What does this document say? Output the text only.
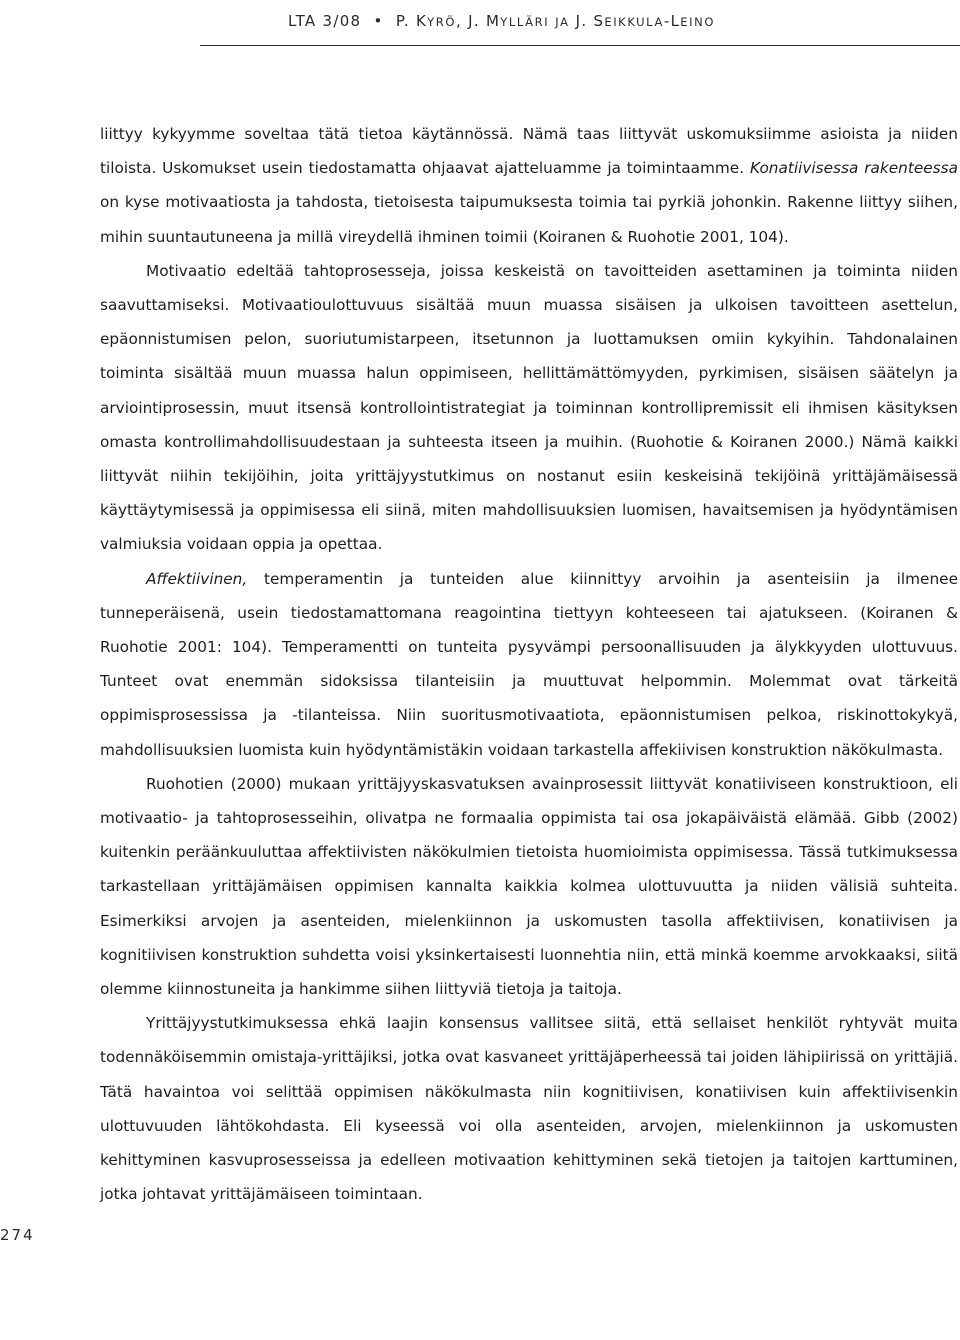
LTA 3/08 • P. KYRÖ, J. MYLLÄRI JA J. SEIKKULA-LEINO
274

liittyy kykyymme soveltaa tätä tietoa käytännössä. Nämä taas liittyvät uskomuksiimme asioista ja niiden tiloista. Uskomukset usein tiedostamatta ohjaavat ajatteluamme ja toimintaamme. Konatiivisessa rakenteessa on kyse motivaatiosta ja tahdosta, tietoisesta taipumuksesta toimia tai pyrkiä johonkin. Rakenne liittyy siihen, mihin suuntautuneena ja millä vireydellä ihminen toimii (Koiranen & Ruohotie 2001, 104).

Motivaatio edeltää tahtoprosesseja, joissa keskeistä on tavoitteiden asettaminen ja toiminta niiden saavuttamiseksi. Motivaatioulottuvuus sisältää muun muassa sisäisen ja ulkoisen tavoitteen asettelun, epäonnistumisen pelon, suoriutumistarpeen, itsetunnon ja luottamuksen omiin kykyihin. Tahdonalainen toiminta sisältää muun muassa halun oppimiseen, hellittämättömyyden, pyrkimisen, sisäisen säätelyn ja arviointiprosessin, muut itsensä kontrollointistrategiat ja toiminnan kontrollipremissit eli ihmisen käsityksen omasta kontrollimahdollisuudestaan ja suhteesta itseen ja muihin. (Ruohotie & Koiranen 2000.) Nämä kaikki liittyvät niihin tekijöihin, joita yrittäjyystutkimus on nostanut esiin keskeisinä tekijöinä yrittäjämäisessä käyttäytymisessä ja oppimisessa eli siinä, miten mahdollisuuksien luomisen, havaitsemisen ja hyödyntämisen valmiuksia voidaan oppia ja opettaa.

Affektiivinen, temperamentin ja tunteiden alue kiinnittyy arvoihin ja asenteisiin ja ilmenee tunneperäisenä, usein tiedostamattomana reagointina tiettyyn kohteeseen tai ajatukseen. (Koiranen & Ruohotie 2001: 104). Temperamentti on tunteita pysyvämpi persoonallisuuden ja älykkyyden ulottuvuus. Tunteet ovat enemmän sidoksissa tilanteisiin ja muuttuvat helpommin. Molemmat ovat tärkeitä oppimisprosessissa ja -tilanteissa. Niin suoritusmotivaatiota, epäonnistumisen pelkoa, riskinottokykyä, mahdollisuuksien luomista kuin hyödyntämistäkin voidaan tarkastella affekiivisen konstruktion näkökulmasta.

Ruohotien (2000) mukaan yrittäjyyskasvatuksen avainprosessit liittyvät konatiiviseen konstruktioon, eli motivaatio- ja tahtoprosesseihin, olivatpa ne formaalia oppimista tai osa jokapäiväistä elämää. Gibb (2002) kuitenkin peräänkuuluttaa affektiivisten näkökulmien tietoista huomioimista oppimisessa. Tässä tutkimuksessa tarkastellaan yrittäjämäisen oppimisen kannalta kaikkia kolmea ulottuvuutta ja niiden välisiä suhteita. Esimerkiksi arvojen ja asenteiden, mielenkiinnon ja uskomusten tasolla affektiivisen, konatiivisen ja kognitiivisen konstruktion suhdetta voisi yksinkertaisesti luonnehtia niin, että minkä koemme arvokkaaksi, siitä olemme kiinnostuneita ja hankimme siihen liittyviä tietoja ja taitoja.

Yrittäjyystutkimuksessa ehkä laajin konsensus vallitsee siitä, että sellaiset henkilöt ryhtyvät muita todennäköisemmin omistaja-yrittäjiksi, jotka ovat kasvaneet yrittäjäperheessä tai joiden lähipiirissä on yrittäjiä. Tätä havaintoa voi selittää oppimisen näkökulmasta niin kognitiivisen, konatiivisen kuin affektiivisenkin ulottuvuuden lähtökohdasta. Eli kyseessä voi olla asenteiden, arvojen, mielenkiinnon ja uskomusten kehittyminen kasvuprosesseissa ja edelleen motivaation kehittyminen sekä tietojen ja taitojen karttuminen, jotka johtavat yrittäjämäiseen toimintaan.
